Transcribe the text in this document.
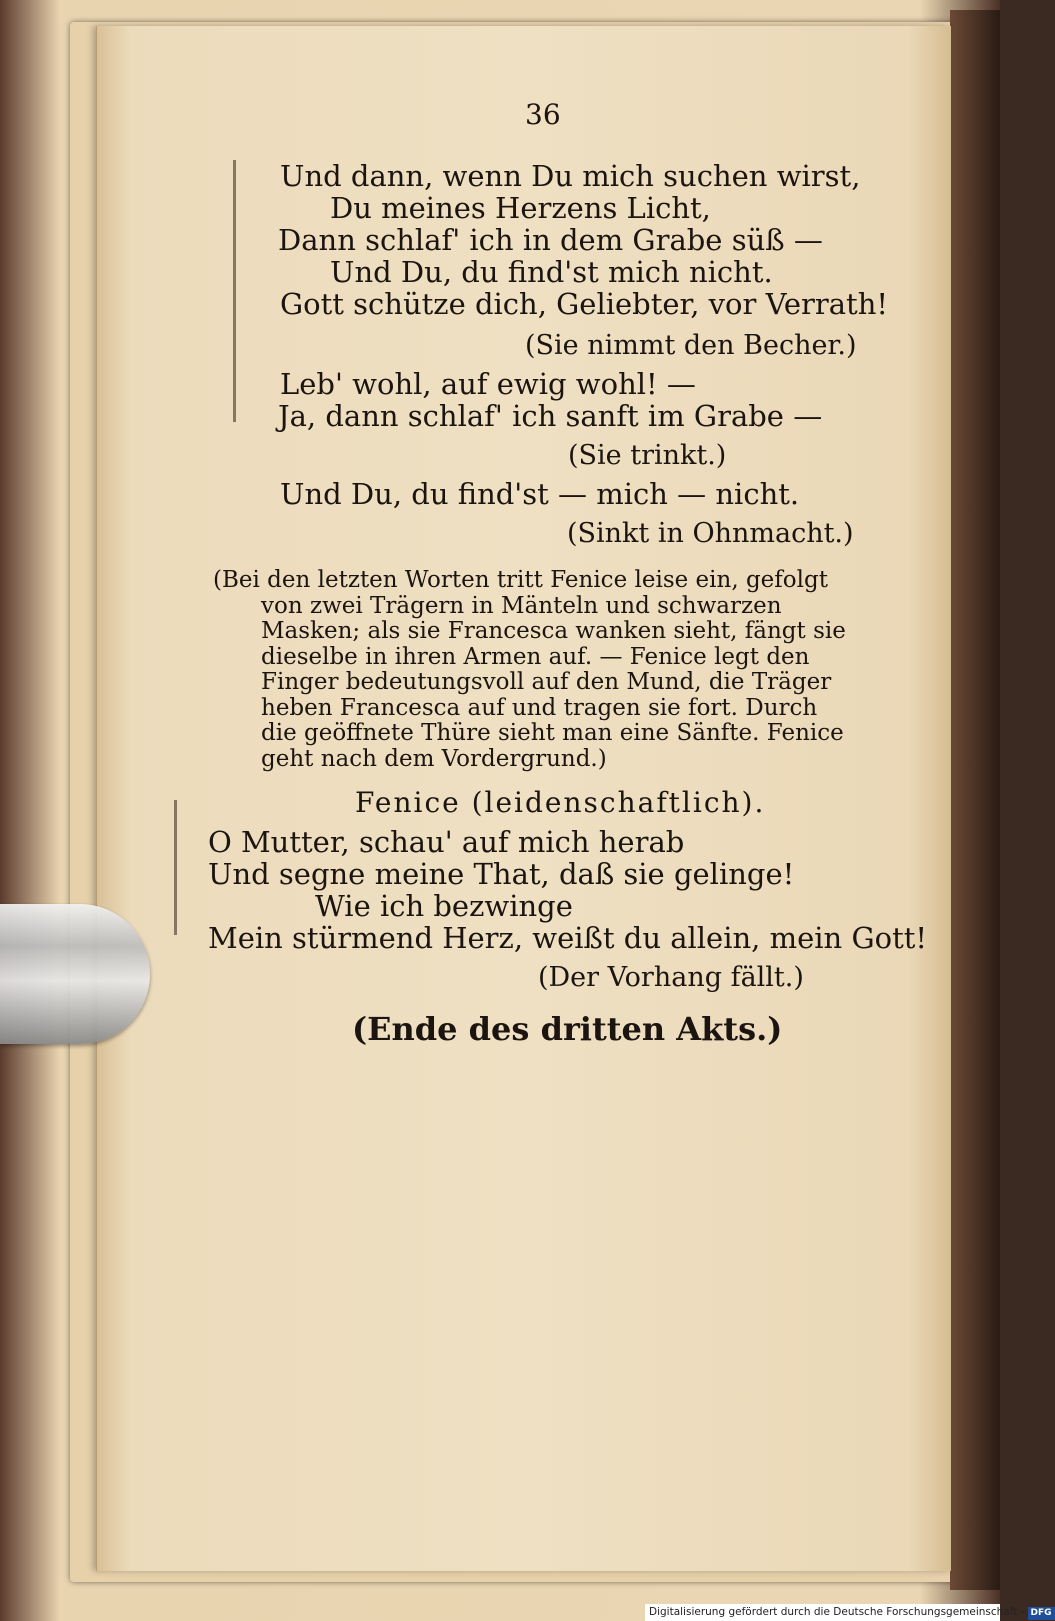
36
Und dann, wenn Du mich suchen wirst,
Du meines Herzens Licht,
Dann schlaf' ich in dem Grabe süß —
Und Du, du find'st mich nicht.
Gott schütze dich, Geliebter, vor Verrath!
(Sie nimmt den Becher.)
Leb' wohl, auf ewig wohl! —
Ja, dann schlaf' ich sanft im Grabe —
(Sie trinkt.)
Und Du, du find'st — mich — nicht.
(Sinkt in Ohnmacht.)
(Bei den letzten Worten tritt Fenice leise ein, gefolgt
von zwei Trägern in Mänteln und schwarzen
Masken; als sie Francesca wanken sieht, fängt sie
dieselbe in ihren Armen auf. — Fenice legt den
Finger bedeutungsvoll auf den Mund, die Träger
heben Francesca auf und tragen sie fort. Durch
die geöffnete Thüre sieht man eine Sänfte. Fenice
geht nach dem Vordergrund.)
Fenice (leidenschaftlich).
O Mutter, schau' auf mich herab
Und segne meine That, daß sie gelinge!
Wie ich bezwinge
Mein stürmend Herz, weißt du allein, mein Gott!
(Der Vorhang fällt.)
(Ende des dritten Akts.)
Digitalisierung gefördert durch die Deutsche Forschungsgemeinschaft - DFG
